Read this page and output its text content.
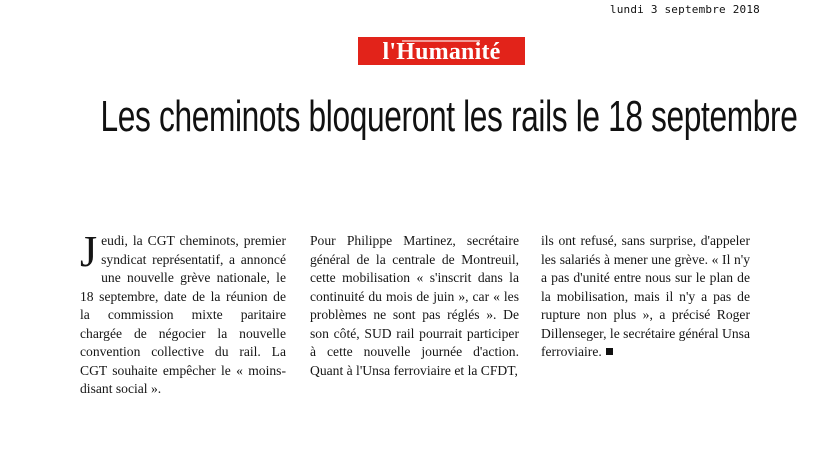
lundi 3 septembre 2018
l'Humanité
Les cheminots bloqueront les rails le 18 septembre
Jeudi, la CGT cheminots, premier syndicat représentatif, a annoncé une nouvelle grève nationale, le 18 septembre, date de la réunion de la commission mixte paritaire chargée de négocier la nouvelle convention collective du rail. La CGT souhaite empêcher le « moins-disant social ».
Pour Philippe Martinez, secrétaire général de la centrale de Montreuil, cette mobilisation « s'inscrit dans la continuité du mois de juin », car « les problèmes ne sont pas réglés ». De son côté, SUD rail pourrait participer à cette nouvelle journée d'action. Quant à l'Unsa ferroviaire et la CFDT,
ils ont refusé, sans surprise, d'appeler les salariés à mener une grève. « Il n'y a pas d'unité entre nous sur le plan de la mobilisation, mais il n'y a pas de rupture non plus », a précisé Roger Dillenseger, le secrétaire général Unsa ferroviaire.
